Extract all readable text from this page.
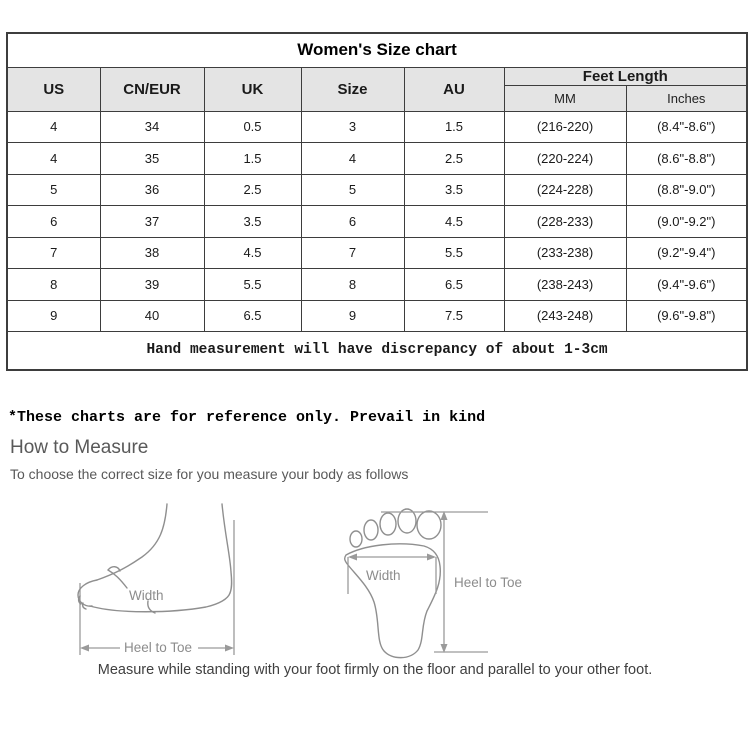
Women's Size chart						
US	CN/EUR	UK	Size	AU	Feet Length	
					MM	Inches
4	34	0.5	3	1.5	(216-220)	(8.4"-8.6")
4	35	1.5	4	2.5	(220-224)	(8.6"-8.8")
5	36	2.5	5	3.5	(224-228)	(8.8"-9.0")
6	37	3.5	6	4.5	(228-233)	(9.0"-9.2")
7	38	4.5	7	5.5	(233-238)	(9.2"-9.4")
8	39	5.5	8	6.5	(238-243)	(9.4"-9.6")
9	40	6.5	9	7.5	(243-248)	(9.6"-9.8")
Hand measurement will have discrepancy of about 1-3cm						
*These charts are for reference only. Prevail in kind
How to Measure
To choose the correct size for you measure your body as follows
Width
Heel to Toe
Width	Heel to Toe
Measure while standing with your foot firmly on the floor and parallel to your other foot.
